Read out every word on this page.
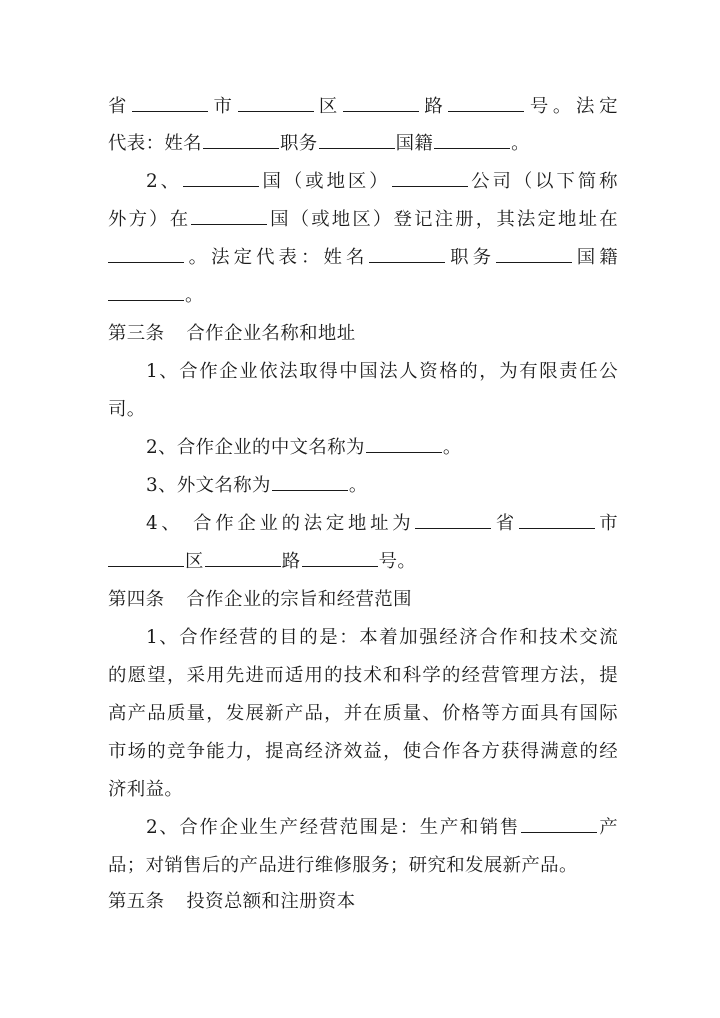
省	市	区	路	号。法定
代表：姓名	职务	国籍	。
2、	国（或地区）	公司（以下简称
外方）在	国（或地区）登记注册，其法定地址在
。法定代表：姓名	职务	国籍
。
第三条 合作企业名称和地址
1、合作企业依法取得中国法人资格的，为有限责任公
司。
2、合作企业的中文名称为	。
3、外文名称为	。
4、 合作企业的法定地址为	省	市
区	路	号。
第四条 合作企业的宗旨和经营范围
1、合作经营的目的是：本着加强经济合作和技术交流
的愿望，采用先进而适用的技术和科学的经营管理方法，提
高产品质量，发展新产品，并在质量、价格等方面具有国际
市场的竞争能力，提高经济效益，使合作各方获得满意的经
济利益。
2、合作企业生产经营范围是：生产和销售	产
品；对销售后的产品进行维修服务；研究和发展新产品。
第五条 投资总额和注册资本
